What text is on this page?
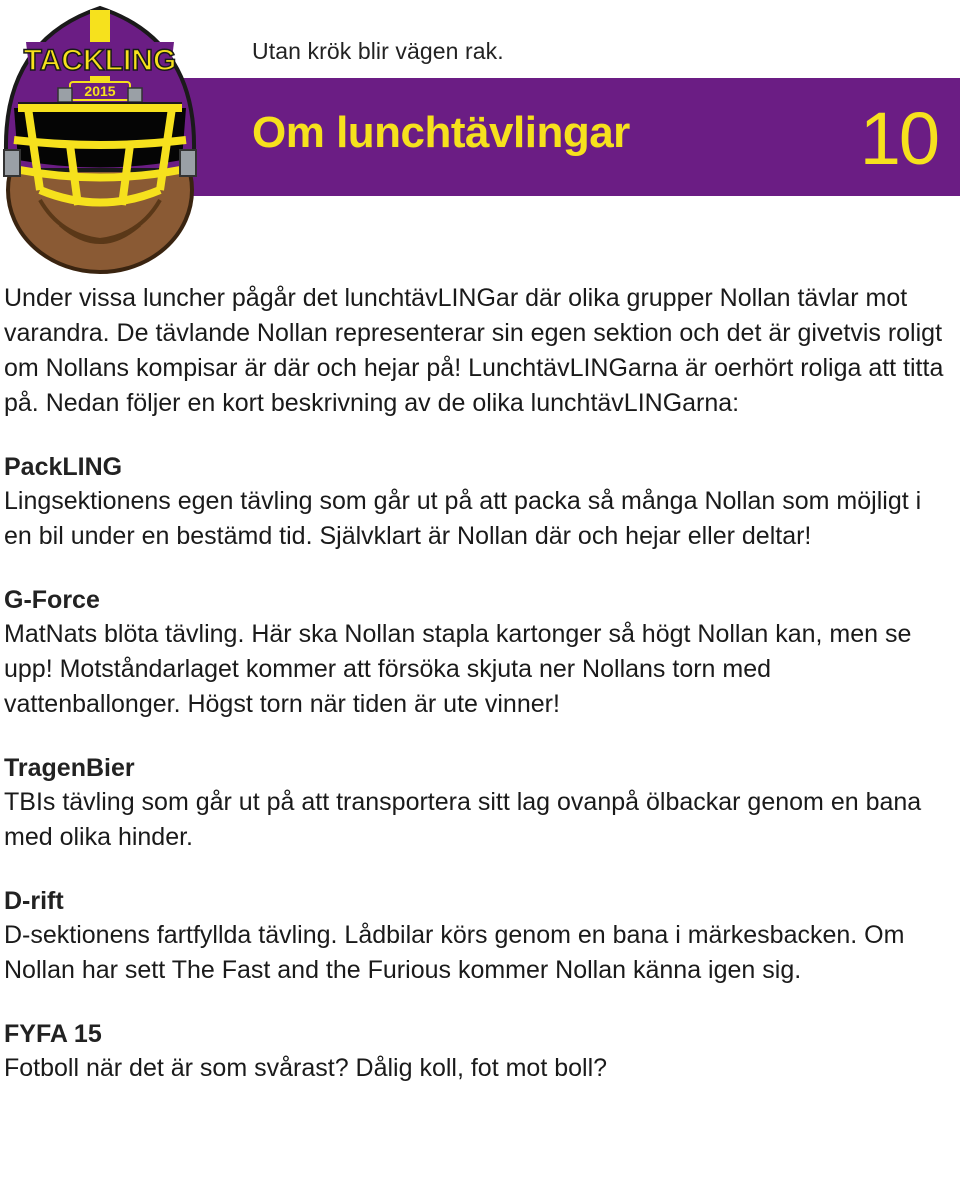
Utan krök blir vägen rak.
Om lunchtävlingar	10
TACKLING
2015

Under vissa luncher pågår det lunchtävLINGar där olika grupper Nollan tävlar mot varandra. De tävlande Nollan representerar sin egen sektion och det är givetvis roligt om Nollans kompisar är där och hejar på! LunchtävLINGarna är oerhört roliga att titta på. Nedan följer en kort beskrivning av de olika lunchtävLINGarna:

PackLING

Lingsektionens egen tävling som går ut på att packa så många Nollan som möjligt i en bil under en bestämd tid. Självklart är Nollan där och hejar eller deltar!

G-Force

MatNats blöta tävling. Här ska Nollan stapla kartonger så högt Nollan kan, men se upp! Motståndarlaget kommer att försöka skjuta ner Nollans torn med vattenballonger. Högst torn när tiden är ute vinner!

TragenBier

TBIs tävling som går ut på att transportera sitt lag ovanpå ölbackar genom en bana med olika hinder.

D-rift

D-sektionens fartfyllda tävling. Lådbilar körs genom en bana i märkesbacken. Om Nollan har sett The Fast and the Furious kommer Nollan känna igen sig.

FYFA 15

Fotboll när det är som svårast? Dålig koll, fot mot boll?
